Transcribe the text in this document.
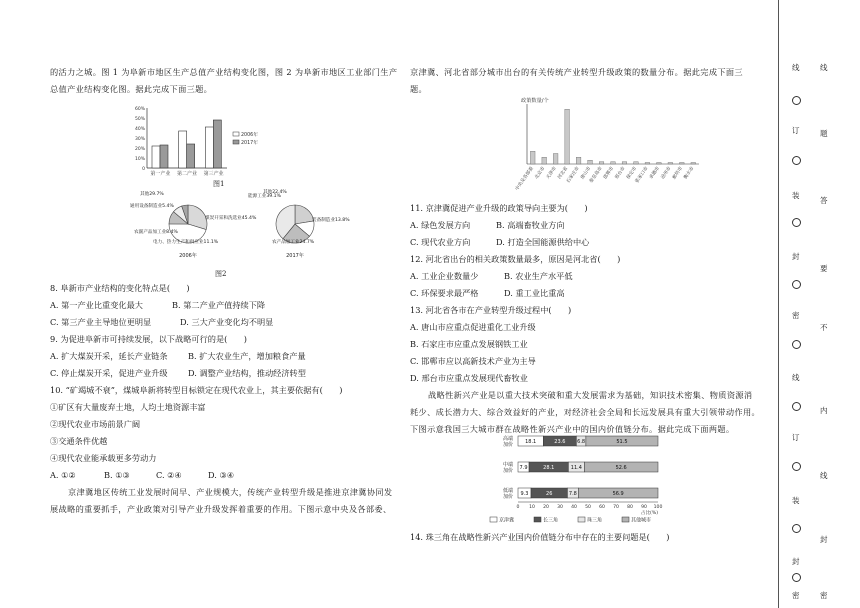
的活力之城。图 1 为阜新市地区生产总值产业结构变化图，图 2 为阜新市地区工业部门生产
总值产业结构变化图。据此完成下面三题。
0
10%
20%
30%
40%
50%
60%
第一产业 第二产业 第三产业
2006年
2017年
图1
其他29.7%
煤炭开采和洗选业45.4%
电力、热力生产和供应业11.1%
农副产品加工业8.4%
通用设备制造业5.4%
2006年
其他22.4%
装备制造业13.8%
农产品加工业24.7%
能源工业39.1%
2017年
图2
8. 阜新市产业结构的变化特点是(　　)
A. 第一产业比重变化最大	B. 第二产业产值持续下降
C. 第三产业主导地位更明显	D. 三大产业变化均不明显
9. 为促进阜新市可持续发展，以下战略可行的是(　　)
A. 扩大煤炭开采，延长产业链条 B. 扩大农业生产，增加粮食产量
C. 停止煤炭开采，促进产业升级 D. 调整产业结构，推动经济转型
10. “矿竭城不衰”，煤城阜新将转型目标锁定在现代农业上，其主要依据有(　　)
①矿区有大量废弃土地，人均土地资源丰富
②现代农业市场前景广阔
③交通条件优越
④现代农业能承载更多劳动力
A. ①②	B. ①③	C. ②④	D. ③④
京津冀地区传统工业发展时间早、产业规模大，传统产业转型升级是推进京津冀协同发
展战略的重要抓手，产业政策对引导产业升级发挥着重要的作用。下图示意中央及各部委、
京津冀、河北省部分城市出台的有关传统产业转型升级政策的数量分布。据此完成下面三
题。
政策数量/个
中央及各部委 北京市 天津市 河北省
石家庄市 唐山市
秦皇岛市 邯郸市 邢台市 保定市
张家口市 承德市 沧州市 廊坊市 衡水市
11. 京津冀促进产业升级的政策导向主要为(　　)
A. 绿色发展方向	B. 高端畜牧业方向
C. 现代农业方向	D. 打造全国能源供给中心
12. 河北省出台的相关政策数量最多，原因是河北省(　　)
A. 工业企业数量少	B. 农业生产水平低
C. 环保要求最严格	D. 重工业比重高
13. 河北省各市在产业转型升级过程中(　　)
A. 唐山市应重点促进重化工业升级
B. 石家庄市应重点发展钢铁工业
C. 邯郸市应以高新技术产业为主导
D. 邢台市应重点发展现代畜牧业
战略性新兴产业是以重大技术突破和重大发展需求为基础，知识技术密集、物质资源消
耗少、成长潜力大、综合效益好的产业，对经济社会全局和长远发展具有重大引领带动作用。
下图示意我国三大城市群在战略性新兴产业中的国内价值链分布。据此完成下面两题。
高端
加价 18.1	23.6 6.8	51.5
中端
加价 7.9	28.1	11.4	52.6
低端
加价 9.3	26	7.8	56.9
0 10 20 30 40 50 60 70 80 90 100
占比(%)
京津冀	长三角	珠三角	其他城市
14. 珠三角在战略性新兴产业国内价值链分布中存在的主要问题是(　　)
线
题
答
要
不
内
线
封
密
线
订
装
封
密
线
订
装
封
密
